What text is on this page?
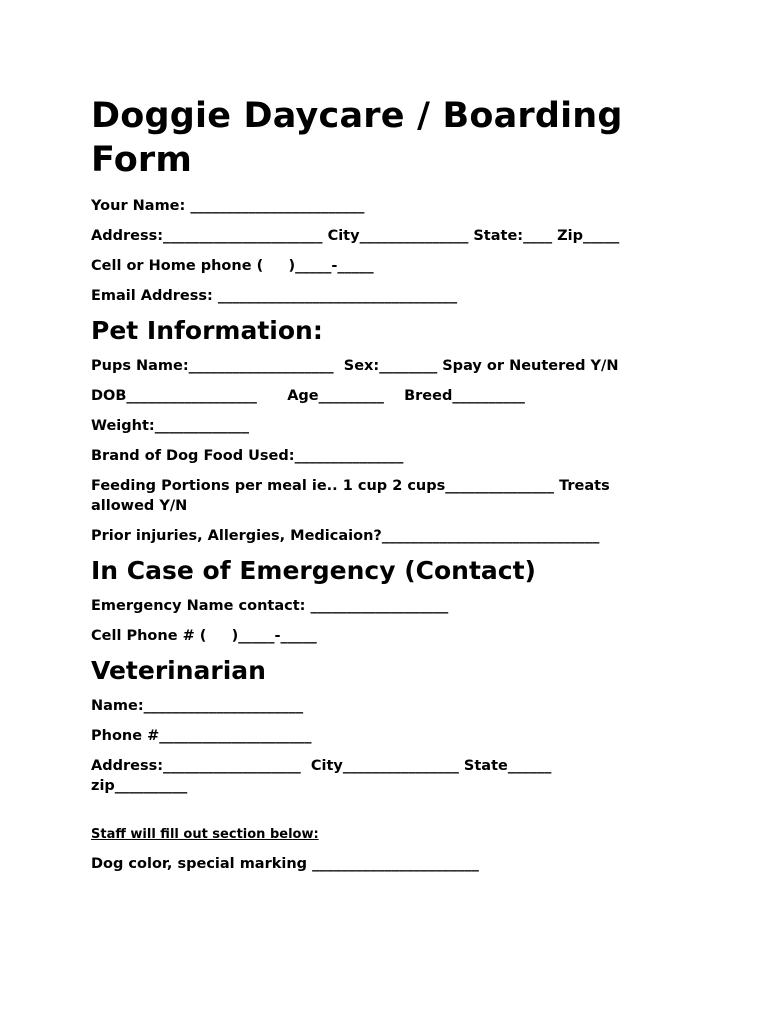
Doggie Daycare / Boarding Form
Your Name: ________________________
Address:______________________ City_______________ State:____ Zip_____
Cell or Home phone (     )_____-_____
Email Address: _________________________________
Pet Information:
Pups Name:____________________  Sex:________ Spay or Neutered Y/N
DOB__________________      Age_________    Breed__________
Weight:_____________
Brand of Dog Food Used:_______________
Feeding Portions per meal ie.. 1 cup 2 cups_______________ Treats allowed Y/N
Prior injuries, Allergies, Medicaion?______________________________
In Case of Emergency (Contact)
Emergency Name contact: ___________________
Cell Phone # (     )_____-_____
Veterinarian
Name:______________________
Phone #_____________________
Address:___________________  City________________ State______ zip__________
Staff will fill out section below:
Dog color, special marking _______________________
